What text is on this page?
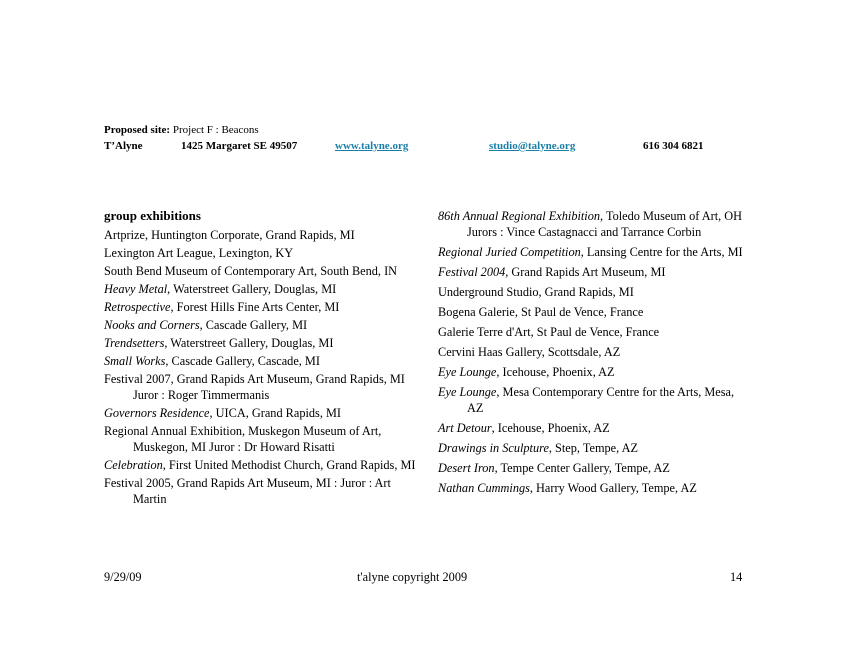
Proposed site: Project F : Beacons
T’Alyne	1425 Margaret SE 49507	www.talyne.org	studio@talyne.org	616 304 6821
group exhibitions
Artprize, Huntington Corporate, Grand Rapids, MI
Lexington Art League, Lexington, KY
South Bend Museum of Contemporary Art, South Bend, IN
Heavy Metal, Waterstreet Gallery, Douglas, MI
Retrospective, Forest Hills Fine Arts Center, MI
Nooks and Corners, Cascade Gallery, MI
Trendsetters, Waterstreet Gallery, Douglas, MI
Small Works, Cascade Gallery, Cascade, MI
Festival 2007, Grand Rapids Art Museum, Grand Rapids, MI Juror : Roger Timmermanis
Governors Residence, UICA, Grand Rapids, MI
Regional Annual Exhibition, Muskegon Museum of Art, Muskegon, MI Juror : Dr Howard Risatti
Celebration, First United Methodist Church, Grand Rapids, MI
Festival 2005, Grand Rapids Art Museum, MI : Juror : Art Martin
86th Annual Regional Exhibition, Toledo Museum of Art, OH Jurors : Vince Castagnacci and Tarrance Corbin
Regional Juried Competition, Lansing Centre for the Arts, MI
Festival 2004, Grand Rapids Art Museum, MI
Underground Studio, Grand Rapids, MI
Bogena Galerie, St Paul de Vence, France
Galerie Terre d'Art, St Paul de Vence, France
Cervini Haas Gallery, Scottsdale, AZ
Eye Lounge, Icehouse, Phoenix, AZ
Eye Lounge, Mesa Contemporary Centre for the Arts, Mesa, AZ
Art Detour, Icehouse, Phoenix, AZ
Drawings in Sculpture, Step, Tempe, AZ
Desert Iron, Tempe Center Gallery, Tempe, AZ
Nathan Cummings, Harry Wood Gallery, Tempe, AZ
9/29/09	t'alyne copyright 2009	14
